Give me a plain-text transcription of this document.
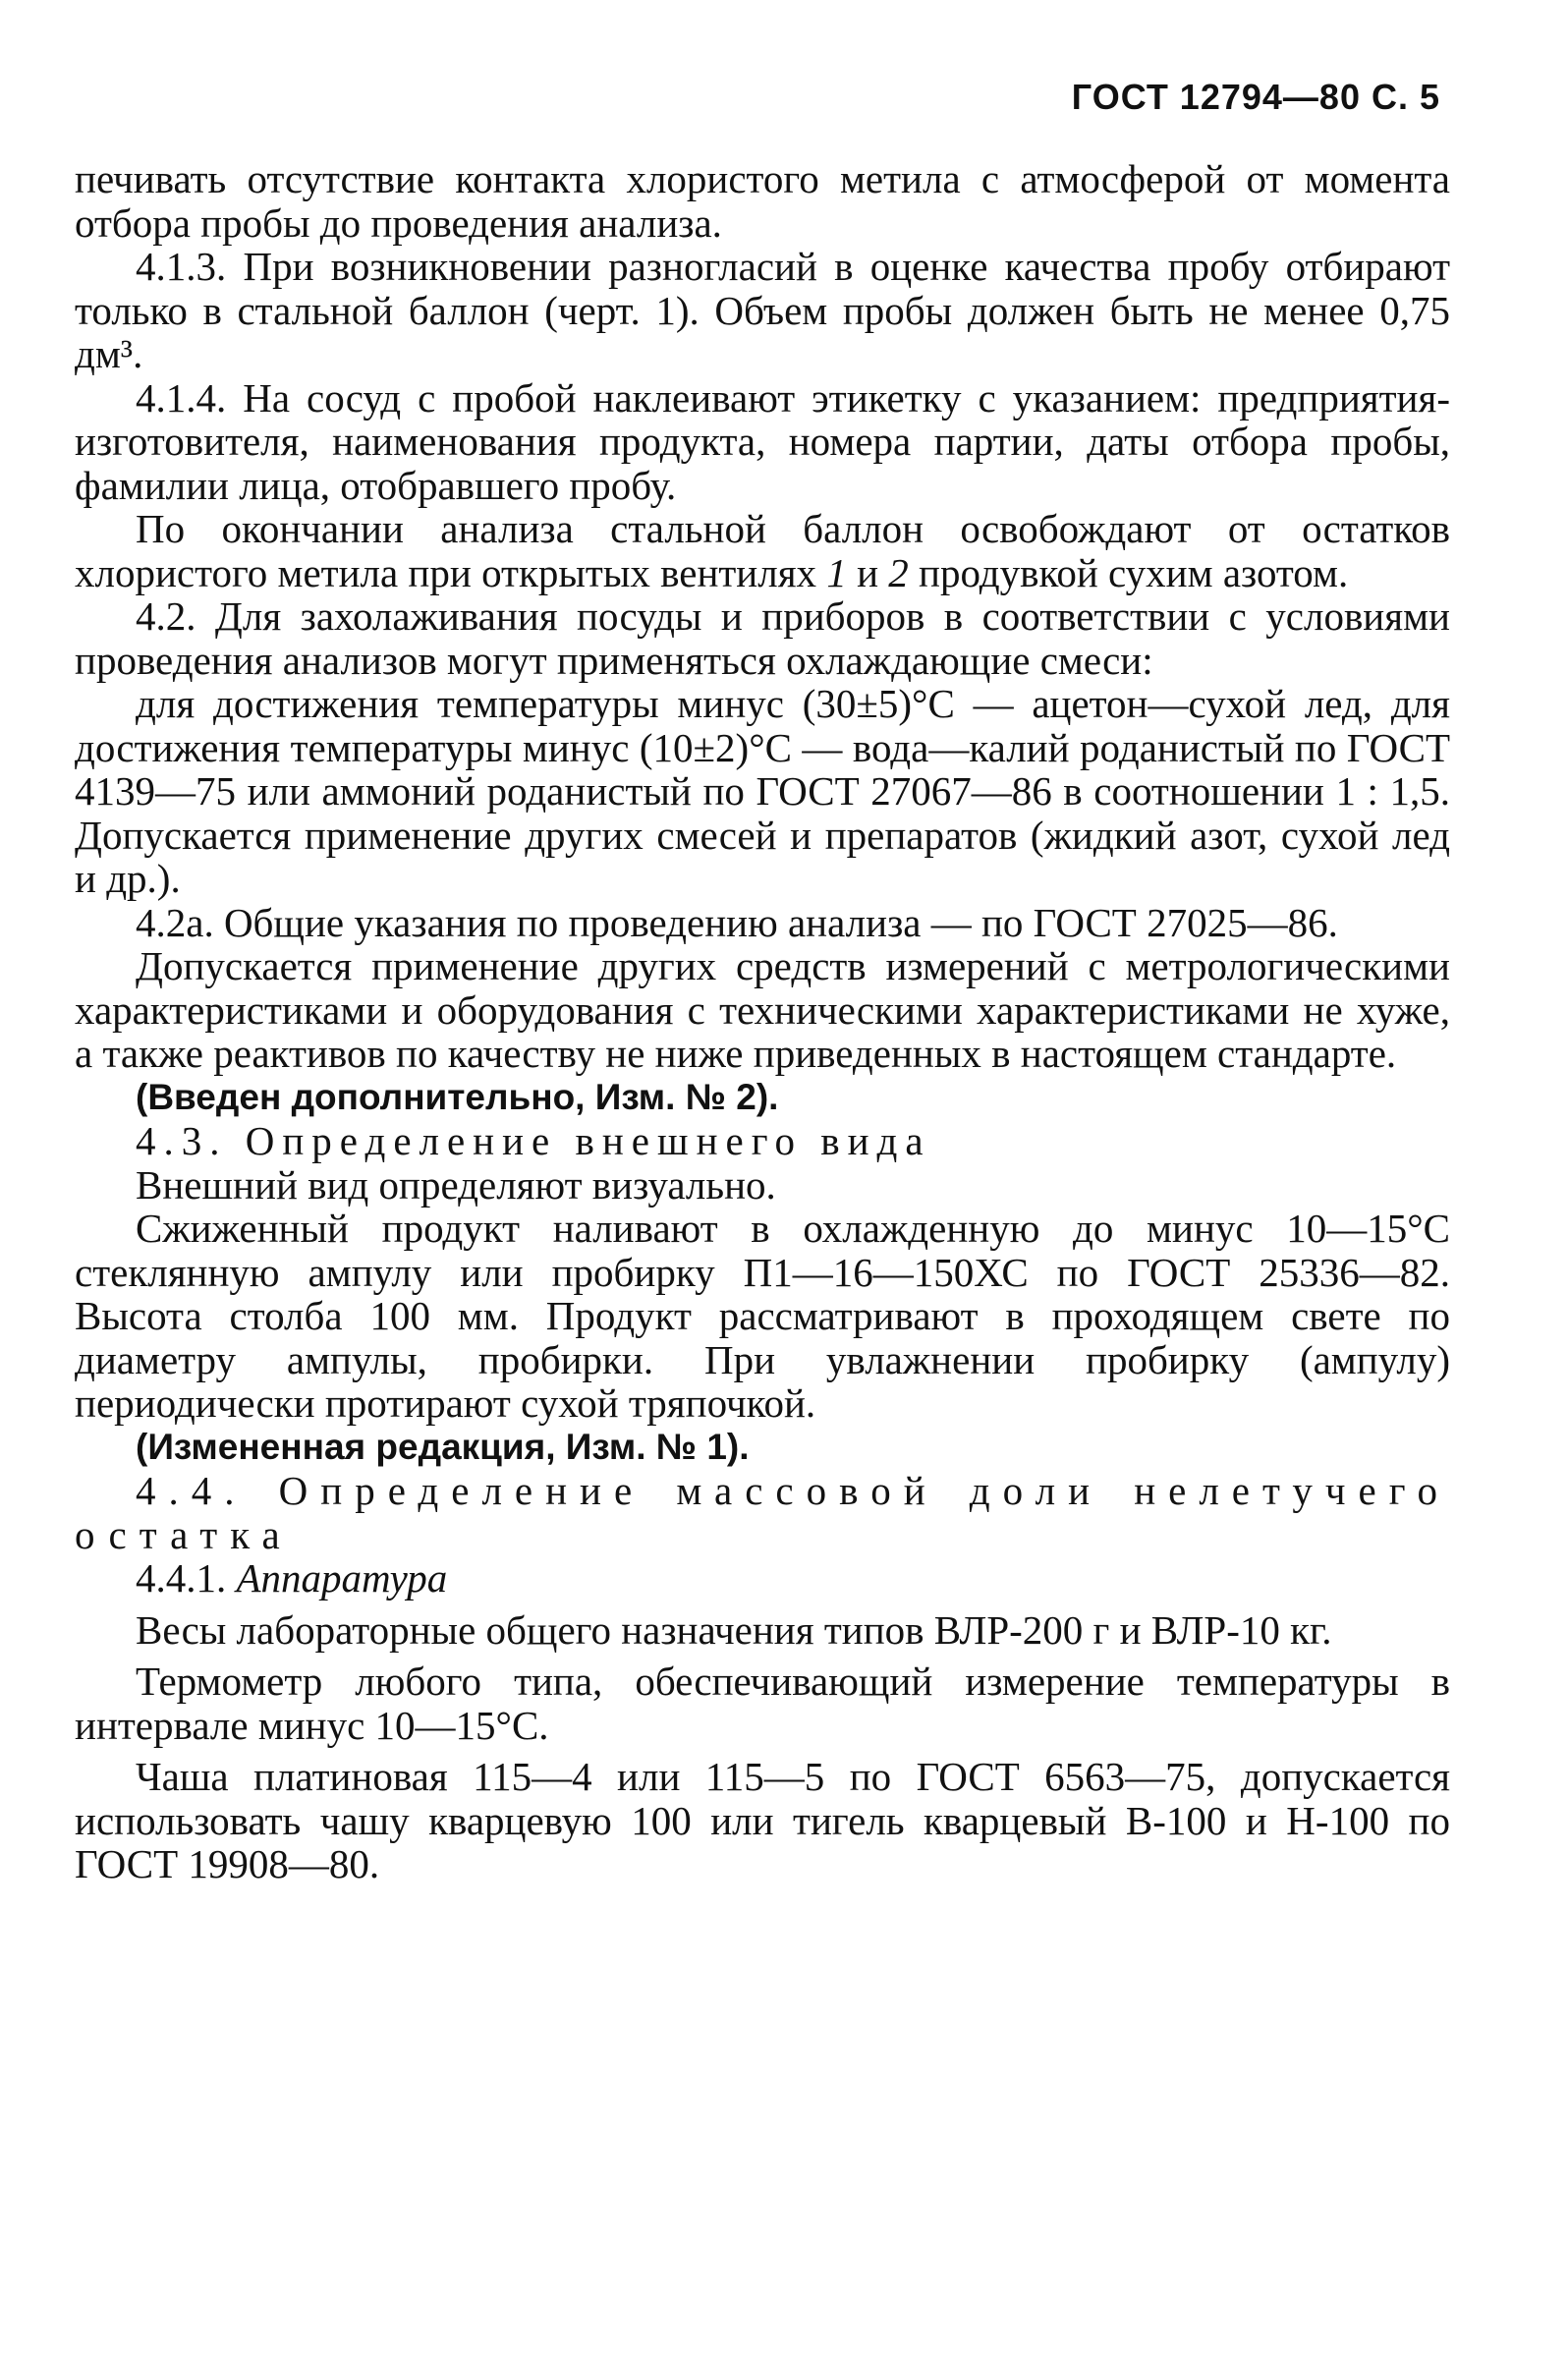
ГОСТ 12794—80 С. 5

печивать отсутствие контакта хлористого метила с атмосферой от момента отбора пробы до проведения анализа.

4.1.3. При возникновении разногласий в оценке качества пробу отбирают только в стальной баллон (черт. 1). Объем пробы должен быть не менее 0,75 дм³.

4.1.4. На сосуд с пробой наклеивают этикетку с указанием: предприятия-изготовителя, наименования продукта, номера партии, даты отбора пробы, фамилии лица, отобравшего пробу.

По окончании анализа стальной баллон освобождают от остатков хлористого метила при открытых вентилях 1 и 2 продувкой сухим азотом.

4.2. Для захолаживания посуды и приборов в соответствии с условиями проведения анализов могут применяться охлаждающие смеси:

для достижения температуры минус (30±5)°С — ацетон—сухой лед, для достижения температуры минус (10±2)°С — вода—калий роданистый по ГОСТ 4139—75 или аммоний роданистый по ГОСТ 27067—86 в соотношении 1 : 1,5. Допускается применение других смесей и препаратов (жидкий азот, сухой лед и др.).

4.2а. Общие указания по проведению анализа — по ГОСТ 27025—86.

Допускается применение других средств измерений с метрологическими характеристиками и оборудования с техническими характеристиками не хуже, а также реактивов по качеству не ниже приведенных в настоящем стандарте.

(Введен дополнительно, Изм. № 2).

4.3. Определение внешнего вида

Внешний вид определяют визуально.

Сжиженный продукт наливают в охлажденную до минус 10—15°С стеклянную ампулу или пробирку П1—16—150ХС по ГОСТ 25336—82. Высота столба 100 мм. Продукт рассматривают в проходящем свете по диаметру ампулы, пробирки. При увлажнении пробирку (ампулу) периодически протирают сухой тряпочкой.

(Измененная редакция, Изм. № 1).

4.4. Определение массовой доли нелетучего остатка

4.4.1. Аппаратура

Весы лабораторные общего назначения типов ВЛР-200 г и ВЛР-10 кг.

Термометр любого типа, обеспечивающий измерение температуры в интервале минус 10—15°С.

Чаша платиновая 115—4 или 115—5 по ГОСТ 6563—75, допускается использовать чашу кварцевую 100 или тигель кварцевый В-100 и Н-100 по ГОСТ 19908—80.
